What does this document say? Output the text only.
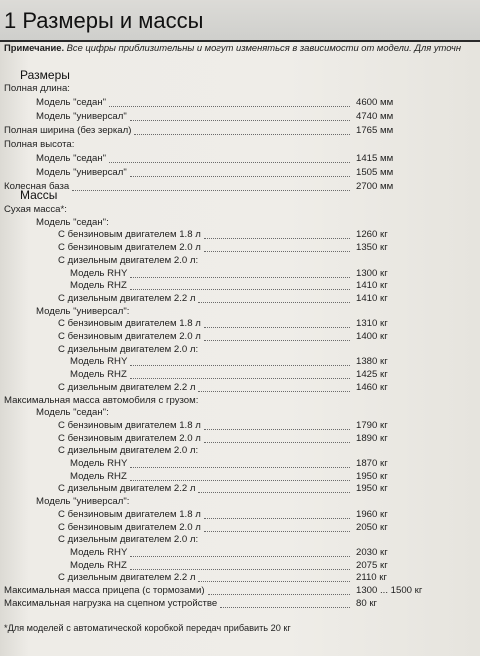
1 Размеры и массы
Примечание. Все цифры приблизительны и могут изменяться в зависимости от модели. Для уточн
Размеры
Массы
Полная длина:
Модель "седан"	4600 мм
Модель "универсал"	4740 мм
Полная ширина (без зеркал)	1765 мм
Полная высота:
Модель "седан"	1415 мм
Модель "универсал"	1505 мм
Колесная база	2700 мм
Сухая масса*:
Модель "седан":
С бензиновым двигателем 1.8 л	1260 кг
С бензиновым двигателем 2.0 л	1350 кг
С дизельным двигателем 2.0 л:
Модель RHY	1300 кг
Модель RHZ	1410 кг
С дизельным двигателем 2.2 л	1410 кг
Модель "универсал":
С бензиновым двигателем 1.8 л	1310 кг
С бензиновым двигателем 2.0 л	1400 кг
С дизельным двигателем 2.0 л:
Модель RHY	1380 кг
Модель RHZ	1425 кг
С дизельным двигателем 2.2 л	1460 кг
Максимальная масса автомобиля с грузом:
Модель "седан":
С бензиновым двигателем 1.8 л	1790 кг
С бензиновым двигателем 2.0 л	1890 кг
С дизельным двигателем 2.0 л:
Модель RHY	1870 кг
Модель RHZ	1950 кг
С дизельным двигателем 2.2 л	1950 кг
Модель "универсал":
С бензиновым двигателем 1.8 л	1960 кг
С бензиновым двигателем 2.0 л	2050 кг
С дизельным двигателем 2.0 л:
Модель RHY	2030 кг
Модель RHZ	2075 кг
С дизельным двигателем 2.2 л	2110 кг
Максимальная масса прицепа (с тормозами)	1300 ... 1500 кг
Максимальная нагрузка на сцепном устройстве	80 кг
*Для моделей с автоматической коробкой передач прибавить 20 кг
